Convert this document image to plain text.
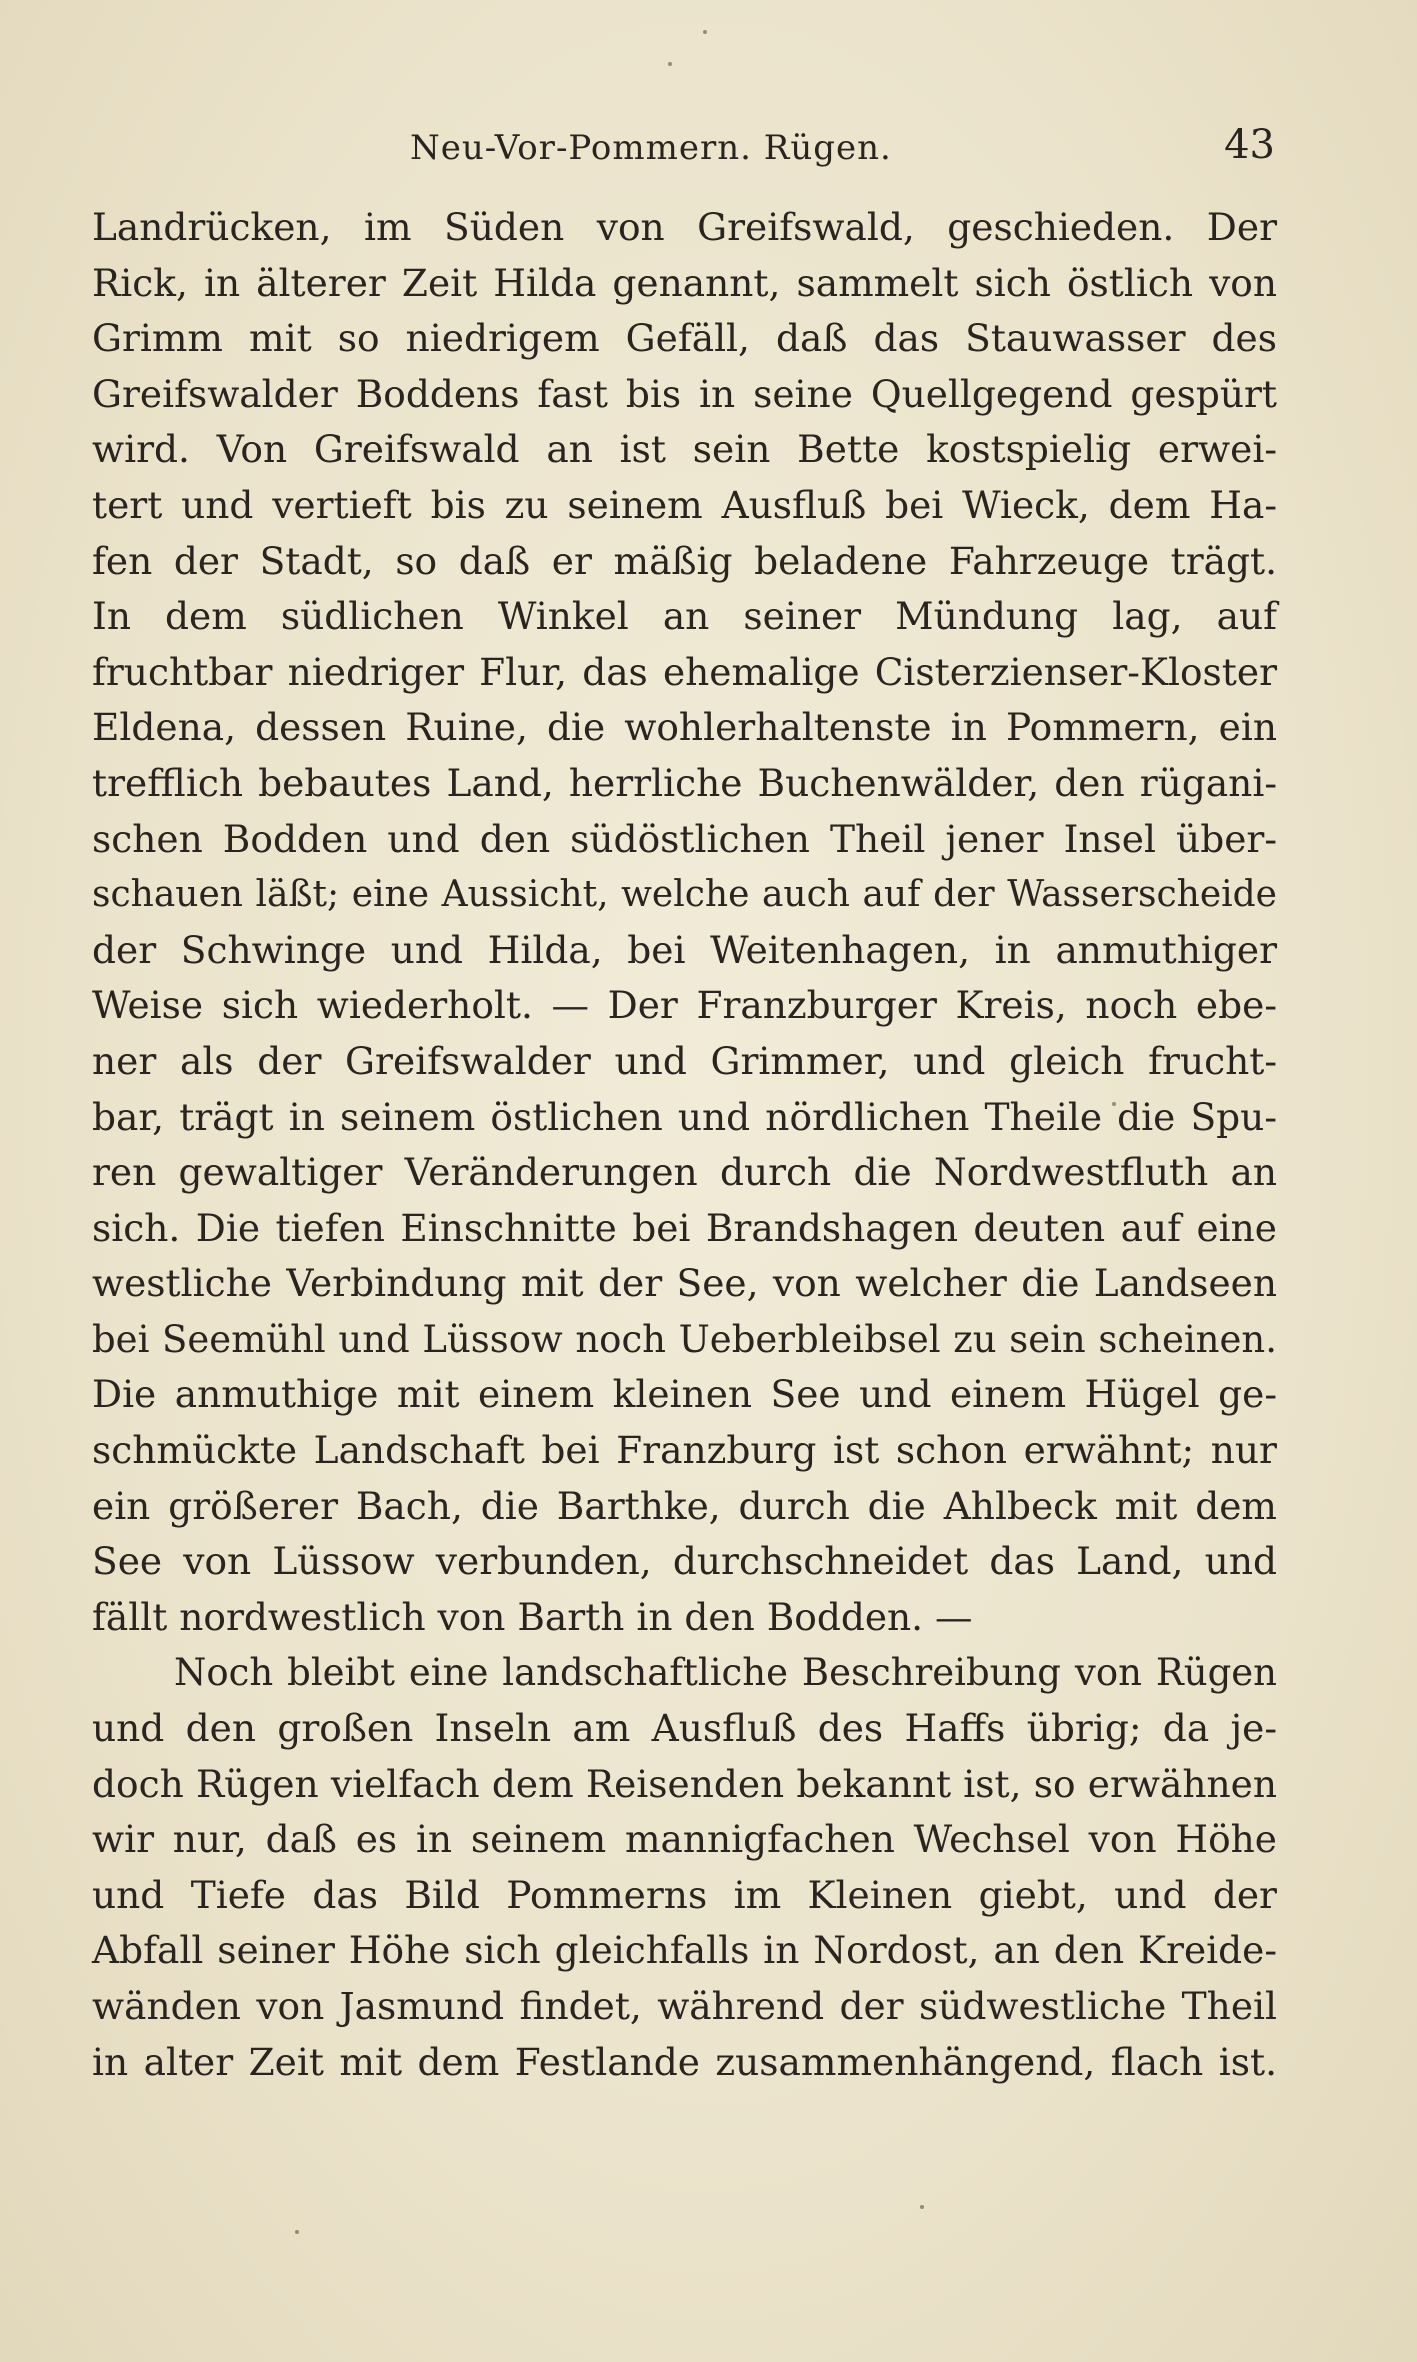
Neu-Vor-Pommern. Rügen.	43
Landrücken, im Süden von Greifswald, geschieden. Der
Rick, in älterer Zeit Hilda genannt, sammelt sich östlich von
Grimm mit so niedrigem Gefäll, daß das Stauwasser des
Greifswalder Boddens fast bis in seine Quellgegend gespürt
wird. Von Greifswald an ist sein Bette kostspielig erwei-
tert und vertieft bis zu seinem Ausfluß bei Wieck, dem Ha-
fen der Stadt, so daß er mäßig beladene Fahrzeuge trägt.
In dem südlichen Winkel an seiner Mündung lag, auf
fruchtbar niedriger Flur, das ehemalige Cisterzienser-Kloster
Eldena, dessen Ruine, die wohlerhaltenste in Pommern, ein
trefflich bebautes Land, herrliche Buchenwälder, den rügani-
schen Bodden und den südöstlichen Theil jener Insel über-
schauen läßt; eine Aussicht, welche auch auf der Wasserscheide
der Schwinge und Hilda, bei Weitenhagen, in anmuthiger
Weise sich wiederholt. — Der Franzburger Kreis, noch ebe-
ner als der Greifswalder und Grimmer, und gleich frucht-
bar, trägt in seinem östlichen und nördlichen Theile die Spu-
ren gewaltiger Veränderungen durch die Nordwestfluth an
sich. Die tiefen Einschnitte bei Brandshagen deuten auf eine
westliche Verbindung mit der See, von welcher die Landseen
bei Seemühl und Lüssow noch Ueberbleibsel zu sein scheinen.
Die anmuthige mit einem kleinen See und einem Hügel ge-
schmückte Landschaft bei Franzburg ist schon erwähnt; nur
ein größerer Bach, die Barthke, durch die Ahlbeck mit dem
See von Lüssow verbunden, durchschneidet das Land, und
fällt nordwestlich von Barth in den Bodden. —
Noch bleibt eine landschaftliche Beschreibung von Rügen
und den großen Inseln am Ausfluß des Haffs übrig; da je-
doch Rügen vielfach dem Reisenden bekannt ist, so erwähnen
wir nur, daß es in seinem mannigfachen Wechsel von Höhe
und Tiefe das Bild Pommerns im Kleinen giebt, und der
Abfall seiner Höhe sich gleichfalls in Nordost, an den Kreide-
wänden von Jasmund findet, während der südwestliche Theil
in alter Zeit mit dem Festlande zusammenhängend, flach ist.
